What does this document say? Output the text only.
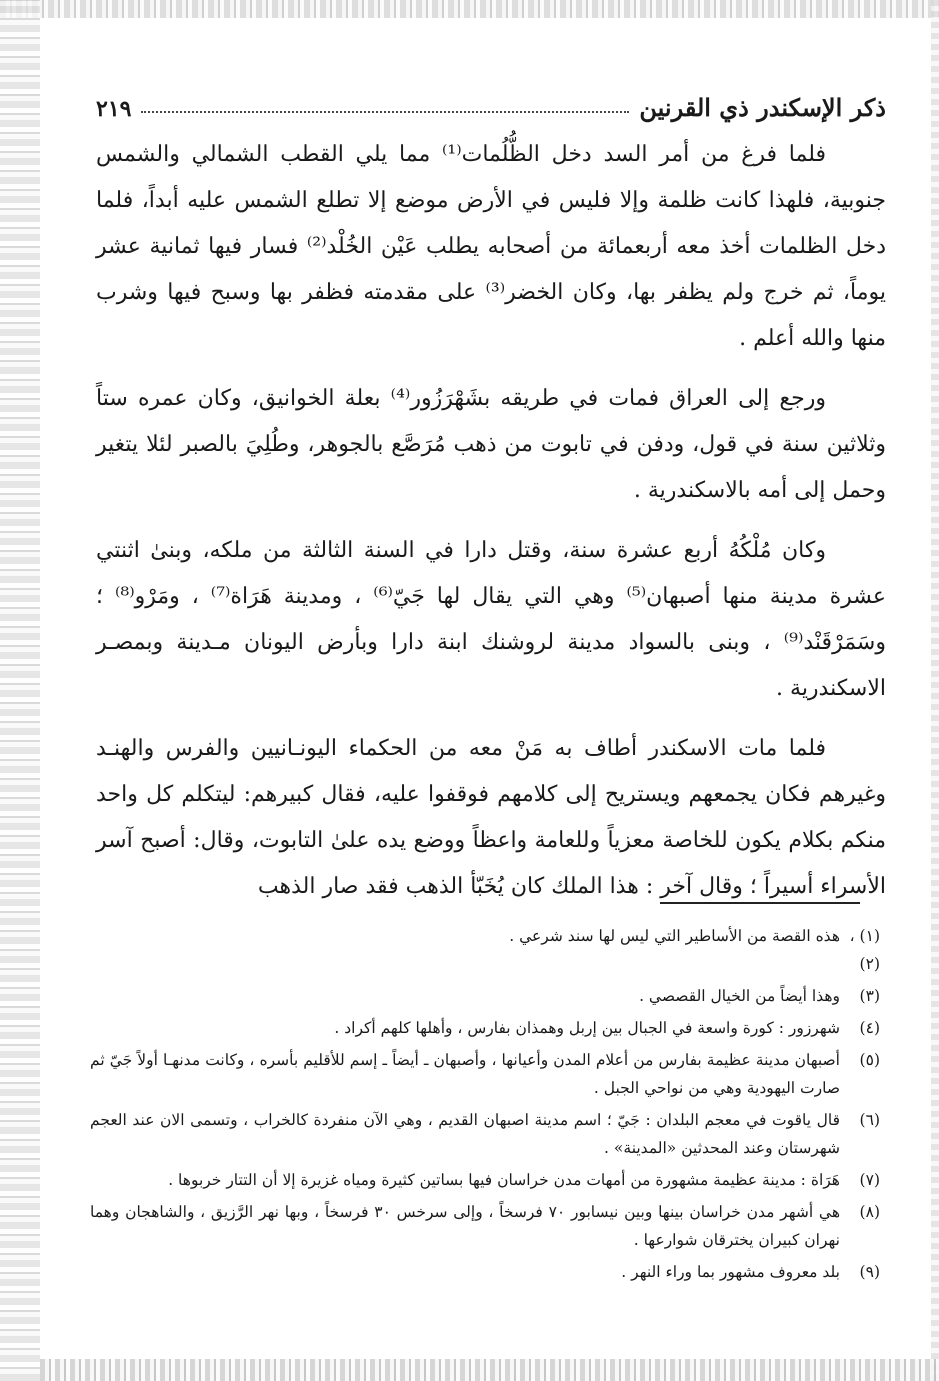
ذكر الإسكندر ذي القرنين
٢١٩

فلما فرغ من أمر السد دخل الظُّلُمات⁽¹⁾ مما يلي القطب الشمالي والشمس جنوبية، فلهذا كانت ظلمة وإلا فليس في الأرض موضع إلا تطلع الشمس عليه أبداً، فلما دخل الظلمات أخذ معه أربعمائة من أصحابه يطلب عَيْن الخُلْد⁽²⁾ فسار فيها ثمانية عشر يوماً، ثم خرج ولم يظفر بها، وكان الخضر⁽³⁾ على مقدمته فظفر بها وسبح فيها وشرب منها والله أعلم .

ورجع إلى العراق فمات في طريقه بشَهْرَزُور⁽⁴⁾ بعلة الخوانيق، وكان عمره ستاً وثلاثين سنة في قول، ودفن في تابوت من ذهب مُرَصَّع بالجوهر، وطُلِيَ بالصبر لئلا يتغير وحمل إلى أمه بالاسكندرية .

وكان مُلْكُهُ أربع عشرة سنة، وقتل دارا في السنة الثالثة من ملكه، وبنىٰ اثنتي عشرة مدينة منها أصبهان⁽⁵⁾ وهي التي يقال لها جَيّ⁽⁶⁾ ، ومدينة هَرَاة⁽⁷⁾ ، ومَرْو⁽⁸⁾ ؛ وسَمَرْقَنْد⁽⁹⁾ ، وبنى بالسواد مدينة لروشنك ابنة دارا وبأرض اليونان مـدينة وبمصـر الاسكندرية .

فلما مات الاسكندر أطاف به مَنْ معه من الحكماء اليونـانيين والفرس والهنـد وغيرهم فكان يجمعهم ويستريح إلى كلامهم فوقفوا عليه، فقال كبيرهم: ليتكلم كل واحد منكم بكلام يكون للخاصة معزياً وللعامة واعظاً ووضع يده علىٰ التابوت، وقال: أصبح آسر الأسراء أسيراً ؛ وقال آخر : هذا الملك كان يُخَبّأ الذهب فقد صار الذهب

(١) ، (٢)
هذه القصة من الأساطير التي ليس لها سند شرعي .
(٣)
وهذا أيضاً من الخيال القصصي .
(٤)
شهرزور : كورة واسعة في الجبال بين إربل وهمذان بفارس ، وأهلها كلهم أكراد .
(٥)
أصبهان مدينة عظيمة بفارس من أعلام المدن وأعيانها ، وأصبهان ـ أيضاً ـ إسم للأقليم بأسره ، وكانت مدنهـا أولاً جَيّ ثم صارت اليهودية وهي من نواحي الجبل .
(٦)
قال ياقوت في معجم البلدان : جَيّ ؛ اسم مدينة اصبهان القديم ، وهي الآن منفردة كالخراب ، وتسمى الان عند العجم شهرستان وعند المحدثين «المدينة» .
(٧)
هَرَاة : مدينة عظيمة مشهورة من أمهات مدن خراسان فيها بساتين كثيرة ومياه غزيرة إلا أن التتار خربوها .
(٨)
هي أشهر مدن خراسان بينها وبين نيسابور ٧٠ فرسخاً ، وإلى سرخس ٣٠ فرسخاً ، وبها نهر الرَّزيق ، والشاهجان وهما نهران كبيران يخترقان شوارعها .
(٩)
بلد معروف مشهور بما وراء النهر .
